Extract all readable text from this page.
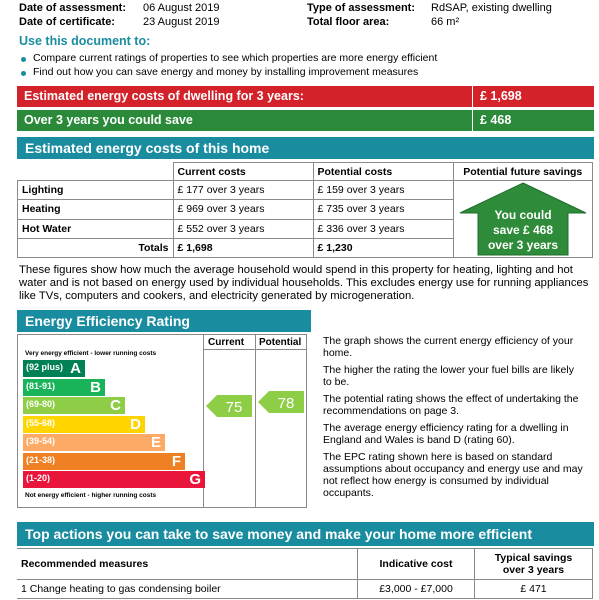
Date of assessment: 06 August 2019
Date of certificate:	23 August 2019
Type of assessment: RdSAP, existing dwelling
Total floor area:	66 m²
Use this document to:
Compare current ratings of properties to see which properties are more energy efficient
Find out how you can save energy and money by installing improvement measures
Estimated energy costs of dwelling for 3 years:	£ 1,698
Over 3 years you could save	£ 468
Estimated energy costs of this home
	Current costs	Potential costs	Potential future savings
Lighting	£ 177 over 3 years	£ 159 over 3 years	You could
save £ 468
over 3 years

Heating	£ 969 over 3 years	£ 735 over 3 years	
Hot Water	£ 552 over 3 years	£ 336 over 3 years	
Totals	£ 1,698	£ 1,230	
These figures show how much the average household would spend in this property for heating, lighting and hot water and is not based on energy used by individual households. This excludes energy use for running appliances like TVs, computers and cookers, and electricity generated by microgeneration.
Energy Efficiency Rating
Current Potential
Very energy efficient - lower running costs
(92 plus) A
(81-91) B
(69-80)	C
(55-68)	D
(39-54)	E
(21-38)	F
(1-20)	G
Not energy efficient - higher running costs
75 78
The graph shows the current energy efficiency of your home.
The higher the rating the lower your fuel bills are likely to be.
The potential rating shows the effect of undertaking the recommendations on page 3.
The average energy efficiency rating for a dwelling in England and Wales is band D (rating 60).
The EPC rating shown here is based on standard assumptions about occupancy and energy use and may not reflect how energy is consumed by individual occupants.
Top actions you can take to save money and make your home more efficient
Recommended measures	Indicative cost	Typical savings
over 3 years

1 Change heating to gas condensing boiler	£3,000 - £7,000	£ 471
